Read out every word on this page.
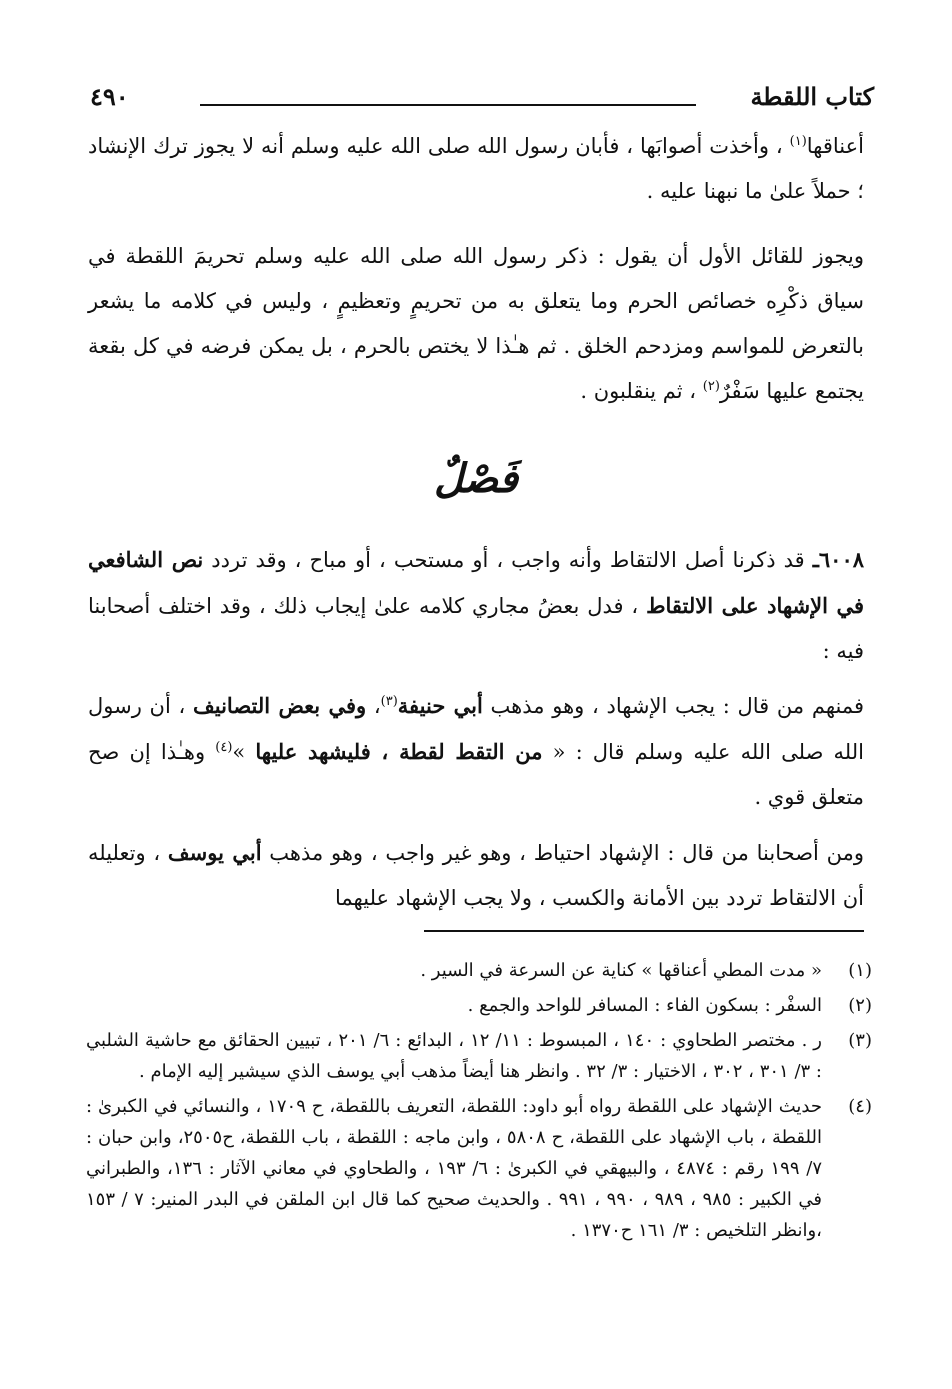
كتاب اللقطة
٤٩٠

أعناقها$^{(١)}$ ، وأخذت أصوابَها ، فأبان رسول الله صلى الله عليه وسلم أنه لا يجوز ترك الإنشاد ؛ حملاً علىٰ ما نبهنا عليه .

ويجوز للقائل الأول أن يقول : ذكر رسول الله صلى الله عليه وسلم تحريمَ اللقطة في سياق ذكْرِه خصائص الحرم وما يتعلق به من تحريمٍ وتعظيمٍ ، وليس في كلامه ما يشعر بالتعرض للمواسم ومزدحم الخلق . ثم هـٰذا لا يختص بالحرم ، بل يمكن فرضه في كل بقعة يجتمع عليها سَفْرٌ$^{(٢)}$ ، ثم ينقلبون .

فَصْلٌ

٦٠٠٨ـ قد ذكرنا أصل الالتقاط وأنه واجب ، أو مستحب ، أو مباح ، وقد تردد نص الشافعي في الإشهاد على الالتقاط ، فدل بعضُ مجاري كلامه علىٰ إيجاب ذلك ، وقد اختلف أصحابنا فيه :

فمنهم من قال : يجب الإشهاد ، وهو مذهب أبي حنيفة$^{(٣)}$، وفي بعض التصانيف ، أن رسول الله صلى الله عليه وسلم قال : « من التقط لقطة ، فليشهد عليها »$^{(٤)}$ وهـٰذا إن صح متعلق قوي .

ومن أصحابنا من قال : الإشهاد احتياط ، وهو غير واجب ، وهو مذهب أبي يوسف ، وتعليله أن الالتقاط تردد بين الأمانة والكسب ، ولا يجب الإشهاد عليهما

(١)
« مدت المطي أعناقها » كناية عن السرعة في السير .
(٢)
السفْر : بسكون الفاء : المسافر للواحد والجمع .
(٣)
ر . مختصر الطحاوي : ١٤٠ ، المبسوط : ١١/ ١٢ ، البدائع : ٦/ ٢٠١ ، تبيين الحقائق مع حاشية الشلبي : ٣/ ٣٠١ ، ٣٠٢ ، الاختيار : ٣/ ٣٢ . وانظر هنا أيضاً مذهب أبي يوسف الذي سيشير إليه الإمام .
(٤)
حديث الإشهاد على اللقطة رواه أبو داود: اللقطة، التعريف باللقطة، ح ١٧٠٩ ، والنسائي في الكبرىٰ : اللقطة ، باب الإشهاد على اللقطة، ح ٥٨٠٨ ، وابن ماجه : اللقطة ، باب اللقطة، ح٢٥٠٥، وابن حبان : ٧/ ١٩٩ رقم : ٤٨٧٤ ، والبيهقي في الكبرىٰ : ٦/ ١٩٣ ، والطحاوي في معاني الآثار : ١٣٦، والطبراني في الكبير : ٩٨٥ ، ٩٨٩ ، ٩٩٠ ، ٩٩١ . والحديث صحيح كما قال ابن الملقن في البدر المنير: ٧ / ١٥٣ ،وانظر التلخيص : ٣/ ١٦١ ح١٣٧٠ .
